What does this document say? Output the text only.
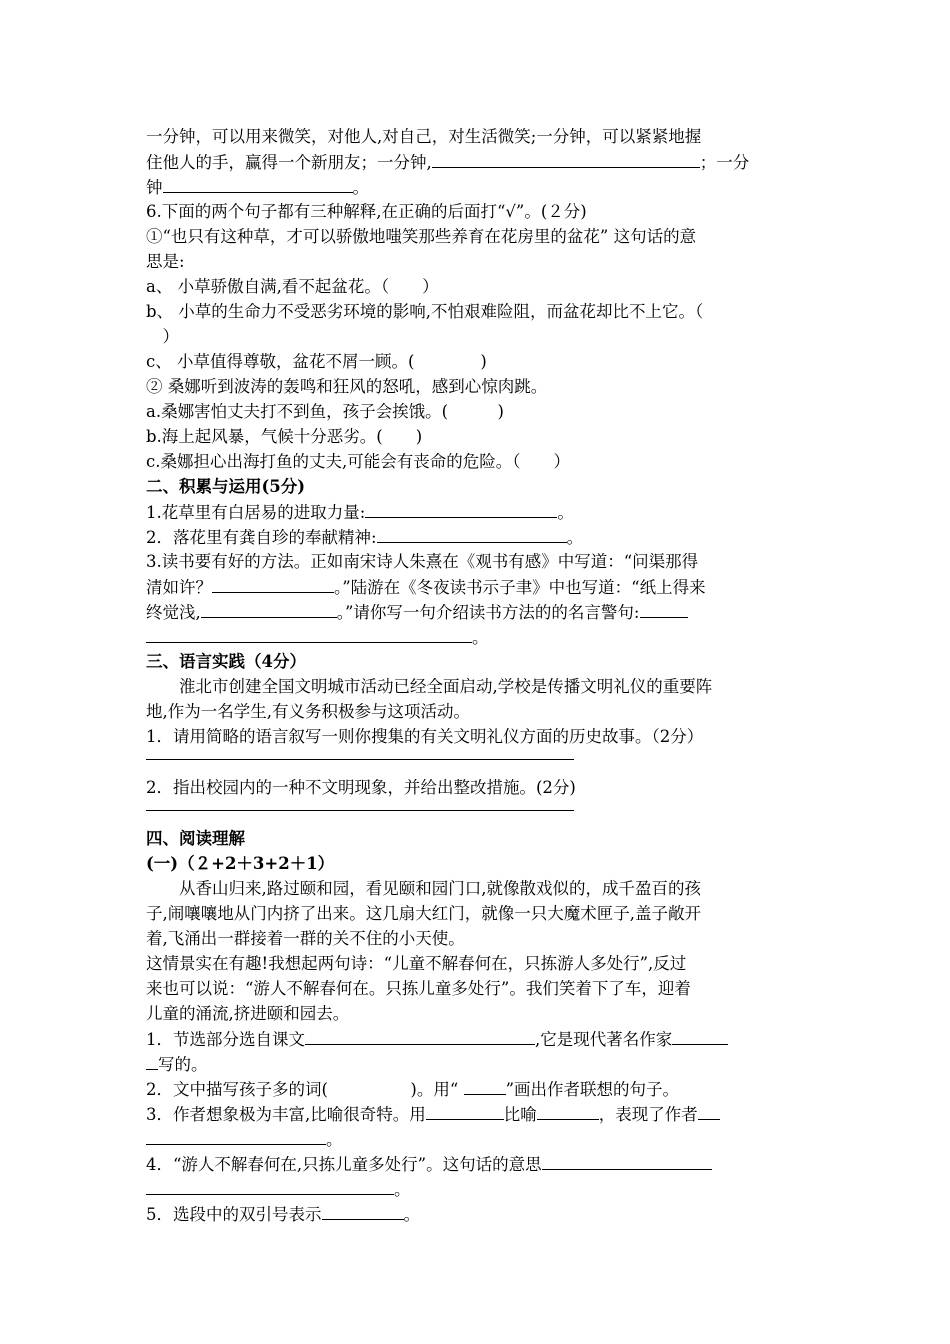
一分钟，可以用来微笑，对他人,对自己，对生活微笑;一分钟，可以紧紧地握
住他人的手，赢得一个新朋友；一分钟,	；一分
钟	。
6.下面的两个句子都有三种解释,在正确的后面打“√”。(２分)
①“也只有这种草，才可以骄傲地嗤笑那些养育在花房里的盆花” 这句话的意
思是:
a、 小草骄傲自满,看不起盆花。（　　）
b、 小草的生命力不受恶劣环境的影响,不怕艰难险阻，而盆花却比不上它。（
　）
c、 小草值得尊敬，盆花不屑一顾。(　　　　)
② 桑娜听到波涛的轰鸣和狂风的怒吼，感到心惊肉跳。
a.桑娜害怕丈夫打不到鱼，孩子会挨饿。(　　　)
b.海上起风暴，气候十分恶劣。(　　)
c.桑娜担心出海打鱼的丈夫,可能会有丧命的危险。（　　）
二、积累与运用(5分)
1.花草里有白居易的进取力量:	。
2．落花里有龚自珍的奉献精神:	。
3.读书要有好的方法。正如南宋诗人朱熹在《观书有感》中写道：“问渠那得
清如许？	。”陆游在《冬夜读书示子聿》中也写道：“纸上得来
终觉浅,	。”请你写一句介绍读书方法的的名言警句:
。
三、语言实践（4分）
淮北市创建全国文明城市活动已经全面启动,学校是传播文明礼仪的重要阵
地,作为一名学生,有义务积极参与这项活动。
1．请用简略的语言叙写一则你搜集的有关文明礼仪方面的历史故事。（2分）
2．指出校园内的一种不文明现象，并给出整改措施。(2分)
四、阅读理解
(一)（２+2＋3+2＋1）
从香山归来,路过颐和园，看见颐和园门口,就像散戏似的，成千盈百的孩
子,闹嚷嚷地从门内挤了出来。这几扇大红门，就像一只大魔术匣子,盖子敞开
着,飞涌出一群接着一群的关不住的小天使。
这情景实在有趣!我想起两句诗：“儿童不解春何在，只拣游人多处行”,反过
来也可以说：“游人不解春何在。只拣儿童多处行”。我们笑着下了车，迎着
儿童的涌流,挤进颐和园去。
1．节选部分选自课文	,它是现代著名作家
写的。
2．文中描写孩子多的词(　　　　　)。用“	”画出作者联想的句子。
3．作者想象极为丰富,比喻很奇特。用	比喻	，表现了作者
。
4．“游人不解春何在,只拣儿童多处行”。这句话的意思
。
5．选段中的双引号表示	。
